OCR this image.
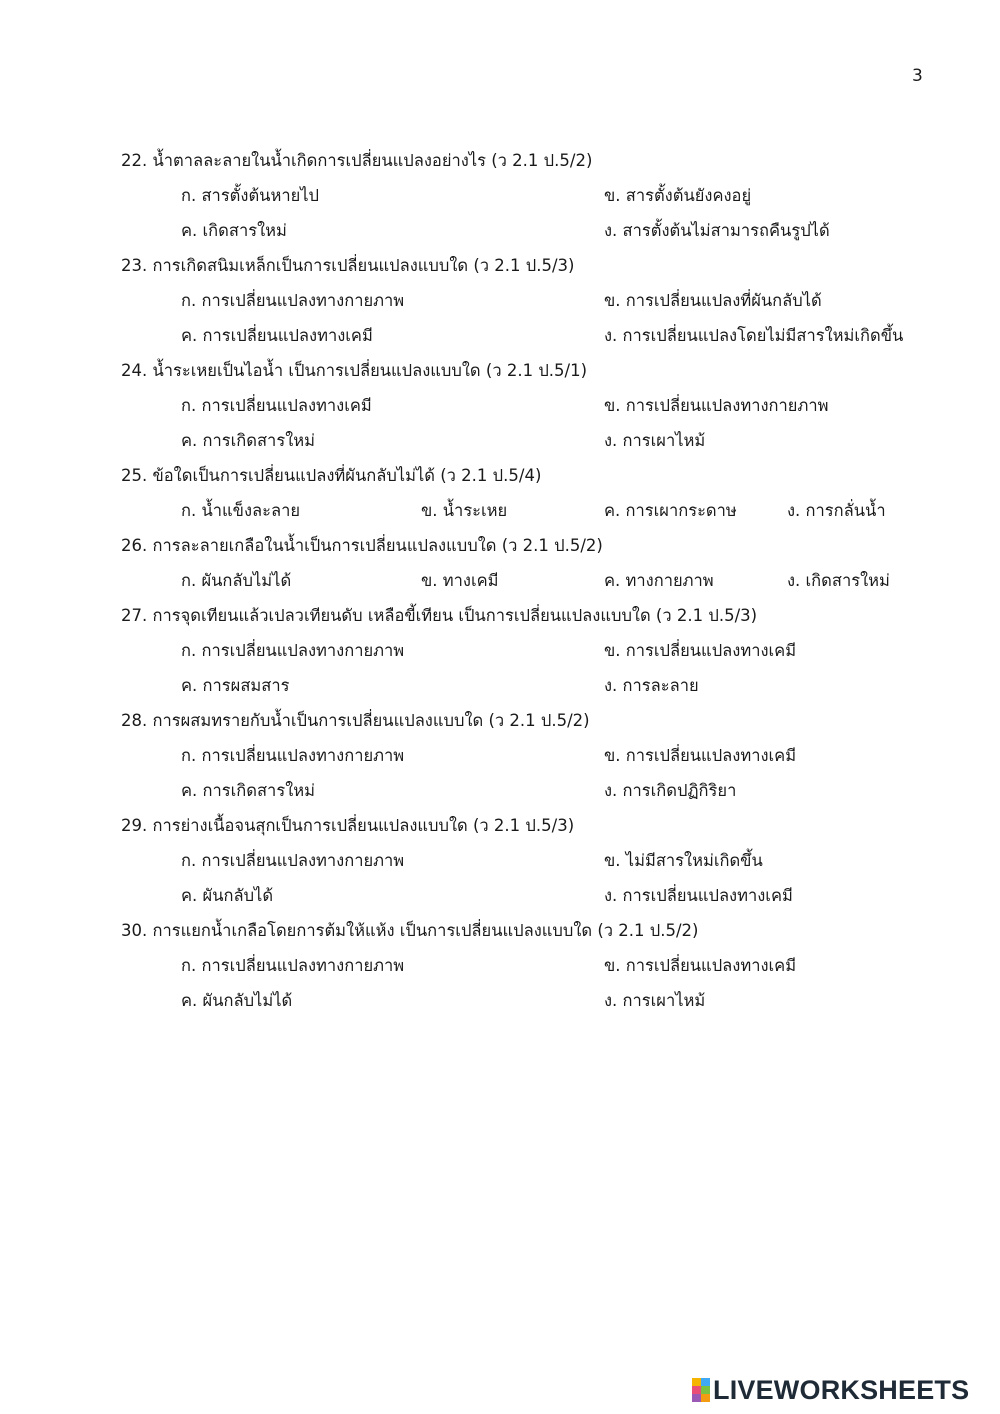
3
22. น้ำตาลละลายในน้ำเกิดการเปลี่ยนแปลงอย่างไร (ว 2.1 ป.5/2)
ก. สารตั้งต้นหายไป	ข. สารตั้งต้นยังคงอยู่
ค. เกิดสารใหม่	ง. สารตั้งต้นไม่สามารถคืนรูปได้
23. การเกิดสนิมเหล็กเป็นการเปลี่ยนแปลงแบบใด (ว 2.1 ป.5/3)
ก. การเปลี่ยนแปลงทางกายภาพ	ข. การเปลี่ยนแปลงที่ผันกลับได้
ค. การเปลี่ยนแปลงทางเคมี	ง. การเปลี่ยนแปลงโดยไม่มีสารใหม่เกิดขึ้น
24. น้ำระเหยเป็นไอน้ำ เป็นการเปลี่ยนแปลงแบบใด (ว 2.1 ป.5/1)
ก. การเปลี่ยนแปลงทางเคมี	ข. การเปลี่ยนแปลงทางกายภาพ
ค. การเกิดสารใหม่	ง. การเผาไหม้
25. ข้อใดเป็นการเปลี่ยนแปลงที่ผันกลับไม่ได้ (ว 2.1 ป.5/4)
ก. น้ำแข็งละลาย	ข. น้ำระเหย	ค. การเผากระดาษ	ง. การกลั่นน้ำ
26. การละลายเกลือในน้ำเป็นการเปลี่ยนแปลงแบบใด (ว 2.1 ป.5/2)
ก. ผันกลับไม่ได้	ข. ทางเคมี	ค. ทางกายภาพ	ง. เกิดสารใหม่
27. การจุดเทียนแล้วเปลวเทียนดับ เหลือขี้เทียน เป็นการเปลี่ยนแปลงแบบใด (ว 2.1 ป.5/3)
ก. การเปลี่ยนแปลงทางกายภาพ	ข. การเปลี่ยนแปลงทางเคมี
ค. การผสมสาร	ง. การละลาย
28. การผสมทรายกับน้ำเป็นการเปลี่ยนแปลงแบบใด (ว 2.1 ป.5/2)
ก. การเปลี่ยนแปลงทางกายภาพ	ข. การเปลี่ยนแปลงทางเคมี
ค. การเกิดสารใหม่	ง. การเกิดปฏิกิริยา
29. การย่างเนื้อจนสุกเป็นการเปลี่ยนแปลงแบบใด (ว 2.1 ป.5/3)
ก. การเปลี่ยนแปลงทางกายภาพ	ข. ไม่มีสารใหม่เกิดขึ้น
ค. ผันกลับได้	ง. การเปลี่ยนแปลงทางเคมี
30. การแยกน้ำเกลือโดยการต้มให้แห้ง เป็นการเปลี่ยนแปลงแบบใด (ว 2.1 ป.5/2)
ก. การเปลี่ยนแปลงทางกายภาพ	ข. การเปลี่ยนแปลงทางเคมี
ค. ผันกลับไม่ได้	ง. การเผาไหม้
LIVEWORKSHEETS
